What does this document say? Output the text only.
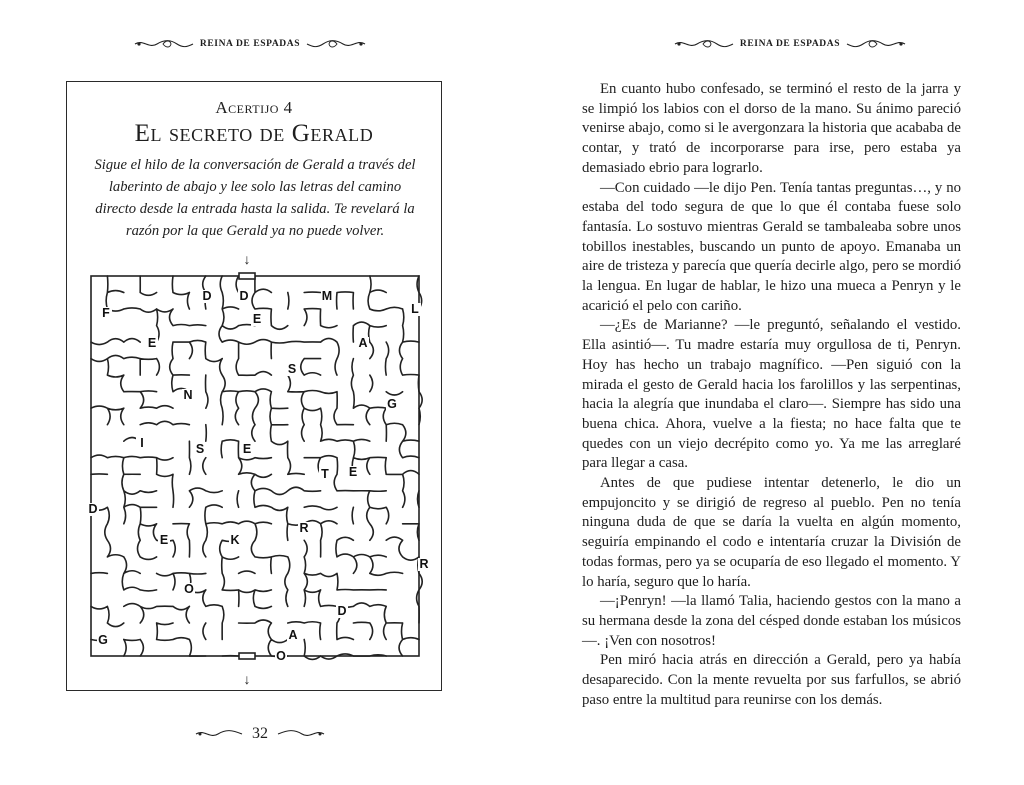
REINA DE ESPADAS
Acertijo 4
El secreto de Gerald
Sigue el hilo de la conversación de Gerald a través del laberinto de abajo y lee solo las letras del camino directo desde la entrada hasta la salida. Te revelará la razón por la que Gerald ya no puede volver.
↓
↓
D D	M
F	E
L
E	A
S
N
G
I	S	E
T E
D
R
E	K
R
O
D
G	A
O
32
REINA DE ESPADAS

En cuanto hubo confesado, se terminó el resto de la jarra y se limpió los labios con el dorso de la mano. Su ánimo pareció venirse abajo, como si le avergonzara la historia que acababa de contar, y trató de incorporarse para irse, pero estaba ya demasiado ebrio para lograrlo.

—Con cuidado —le dijo Pen. Tenía tantas preguntas…, y no estaba del todo segura de que lo que él contaba fuese solo fantasía. Lo sostuvo mientras Gerald se tambaleaba sobre unos tobillos inestables, buscando un punto de apoyo. Emanaba un aire de tristeza y parecía que quería decirle algo, pero se mordió la lengua. En lugar de hablar, le hizo una mueca a Penryn y le acarició el pelo con cariño.

—¿Es de Marianne? —le preguntó, señalando el vestido. Ella asintió—. Tu madre estaría muy orgullosa de ti, Penryn. Hoy has hecho un trabajo magnífico. —Pen siguió con la mirada el gesto de Gerald hacia los farolillos y las serpentinas, hacia la alegría que inundaba el claro—. Siempre has sido una buena chica. Ahora, vuelve a la fiesta; no hace falta que te quedes con un viejo decrépito como yo. Ya me las arreglaré para llegar a casa.

Antes de que pudiese intentar detenerlo, le dio un empujoncito y se dirigió de regreso al pueblo. Pen no tenía ninguna duda de que se daría la vuelta en algún momento, seguiría empinando el codo e intentaría cruzar la División de todas formas, pero ya se ocuparía de eso llegado el momento. Y lo haría, seguro que lo haría.

—¡Penryn! —la llamó Talia, haciendo gestos con la mano a su hermana desde la zona del césped donde estaban los músicos—. ¡Ven con nosotros!

Pen miró hacia atrás en dirección a Gerald, pero ya había desaparecido. Con la mente revuelta por sus farfullos, se abrió paso entre la multitud para reunirse con los demás.
